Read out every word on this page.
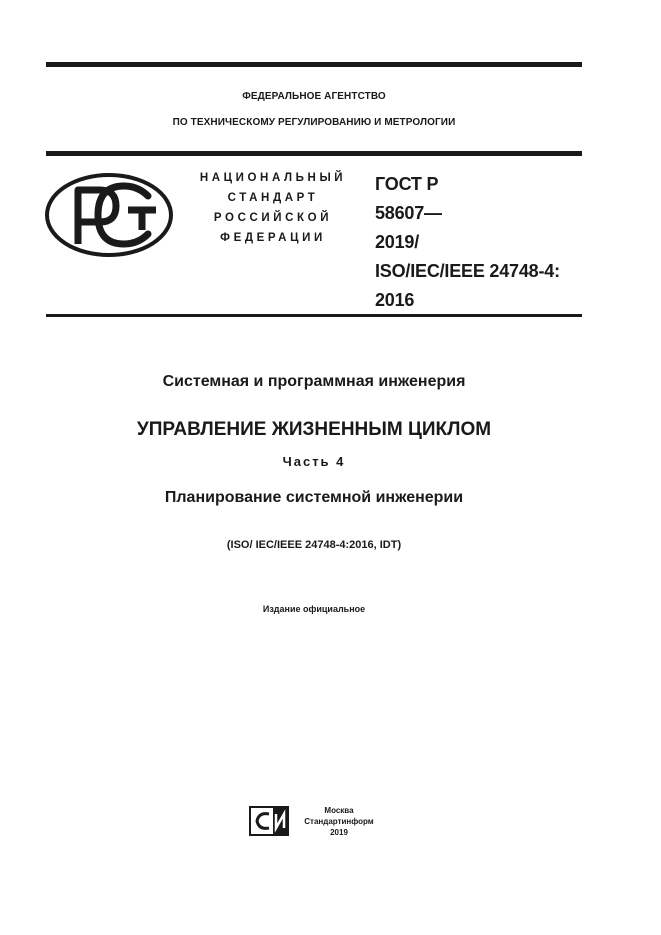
ФЕДЕРАЛЬНОЕ АГЕНТСТВО
ПО ТЕХНИЧЕСКОМУ РЕГУЛИРОВАНИЮ И МЕТРОЛОГИИ
НАЦИОНАЛЬНЫЙ
СТАНДАРТ
РОССИЙСКОЙ
ФЕДЕРАЦИИ
ГОСТ Р
58607—
2019/
ISO/IEC/IEEE 24748-4:
2016
Системная и программная инженерия
УПРАВЛЕНИЕ ЖИЗНЕННЫМ ЦИКЛОМ
Часть 4
Планирование системной инженерии
(ISO/ IEC/IEEE 24748-4:2016, IDT)
Издание официальное
Москва
Стандартинформ
2019
